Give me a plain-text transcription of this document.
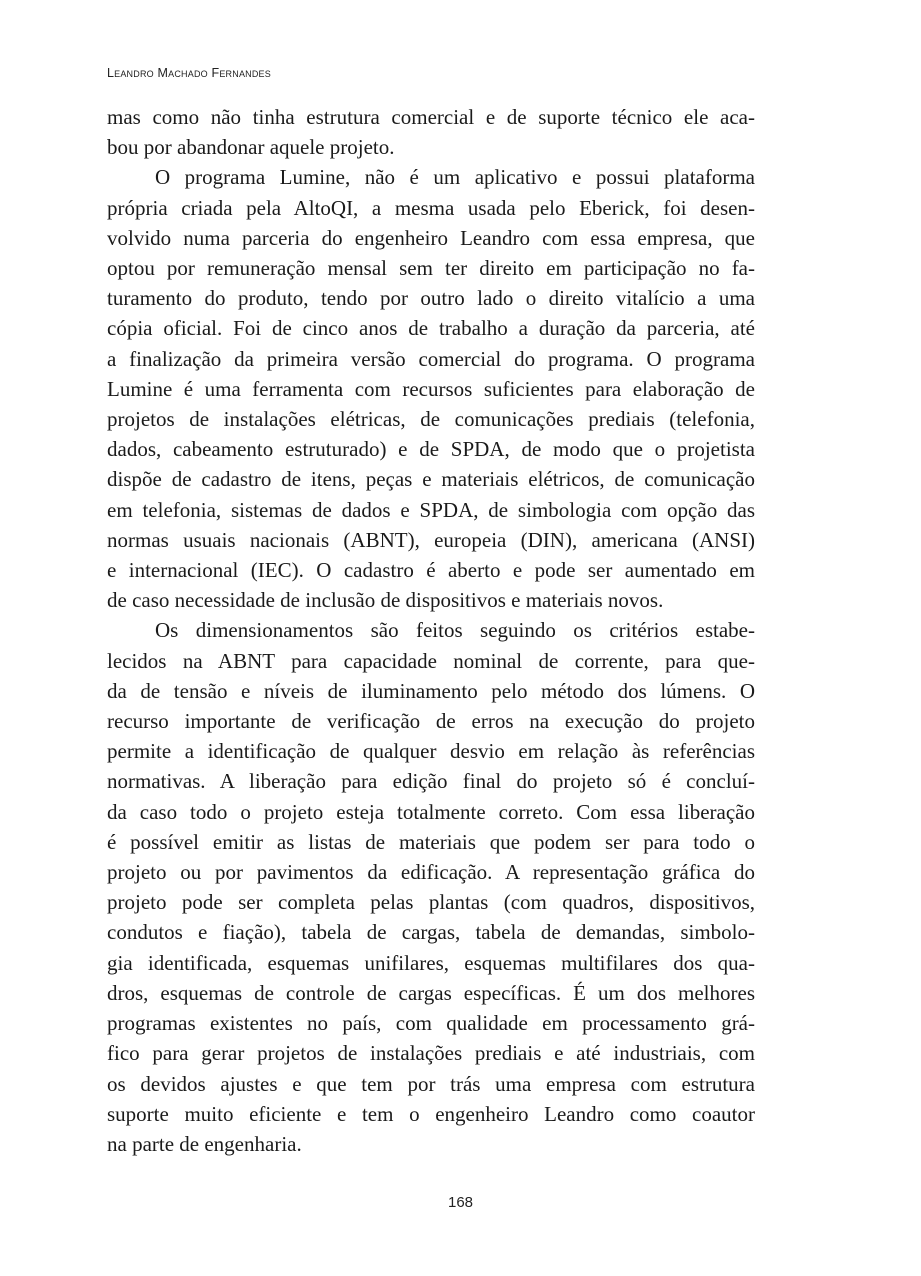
Leandro Machado Fernandes

mas como não tinha estrutura comercial e de suporte técnico ele aca-
bou por abandonar aquele projeto.

O programa Lumine, não é um aplicativo e possui plataforma
própria criada pela AltoQI, a mesma usada pelo Eberick, foi desen-
volvido numa parceria do engenheiro Leandro com essa empresa, que
optou por remuneração mensal sem ter direito em participação no fa-
turamento do produto, tendo por outro lado o direito vitalício a uma
cópia oficial. Foi de cinco anos de trabalho a duração da parceria, até
a finalização da primeira versão comercial do programa. O programa
Lumine é uma ferramenta com recursos suficientes para elaboração de
projetos de instalações elétricas, de comunicações prediais (telefonia,
dados, cabeamento estruturado) e de SPDA, de modo que o projetista
dispõe de cadastro de itens, peças e materiais elétricos, de comunicação
em telefonia, sistemas de dados e SPDA, de simbologia com opção das
normas usuais nacionais (ABNT), europeia (DIN), americana (ANSI)
e internacional (IEC). O cadastro é aberto e pode ser aumentado em
de caso necessidade de inclusão de dispositivos e materiais novos.

Os dimensionamentos são feitos seguindo os critérios estabe-
lecidos na ABNT para capacidade nominal de corrente, para que-
da de tensão e níveis de iluminamento pelo método dos lúmens. O
recurso importante de verificação de erros na execução do projeto
permite a identificação de qualquer desvio em relação às referências
normativas. A liberação para edição final do projeto só é concluí-
da caso todo o projeto esteja totalmente correto. Com essa liberação
é possível emitir as listas de materiais que podem ser para todo o
projeto ou por pavimentos da edificação. A representação gráfica do
projeto pode ser completa pelas plantas (com quadros, dispositivos,
condutos e fiação), tabela de cargas, tabela de demandas, simbolo-
gia identificada, esquemas unifilares, esquemas multifilares dos qua-
dros, esquemas de controle de cargas específicas. É um dos melhores
programas existentes no país, com qualidade em processamento grá-
fico para gerar projetos de instalações prediais e até industriais, com
os devidos ajustes e que tem por trás uma empresa com estrutura
suporte muito eficiente e tem o engenheiro Leandro como coautor
na parte de engenharia.

168
